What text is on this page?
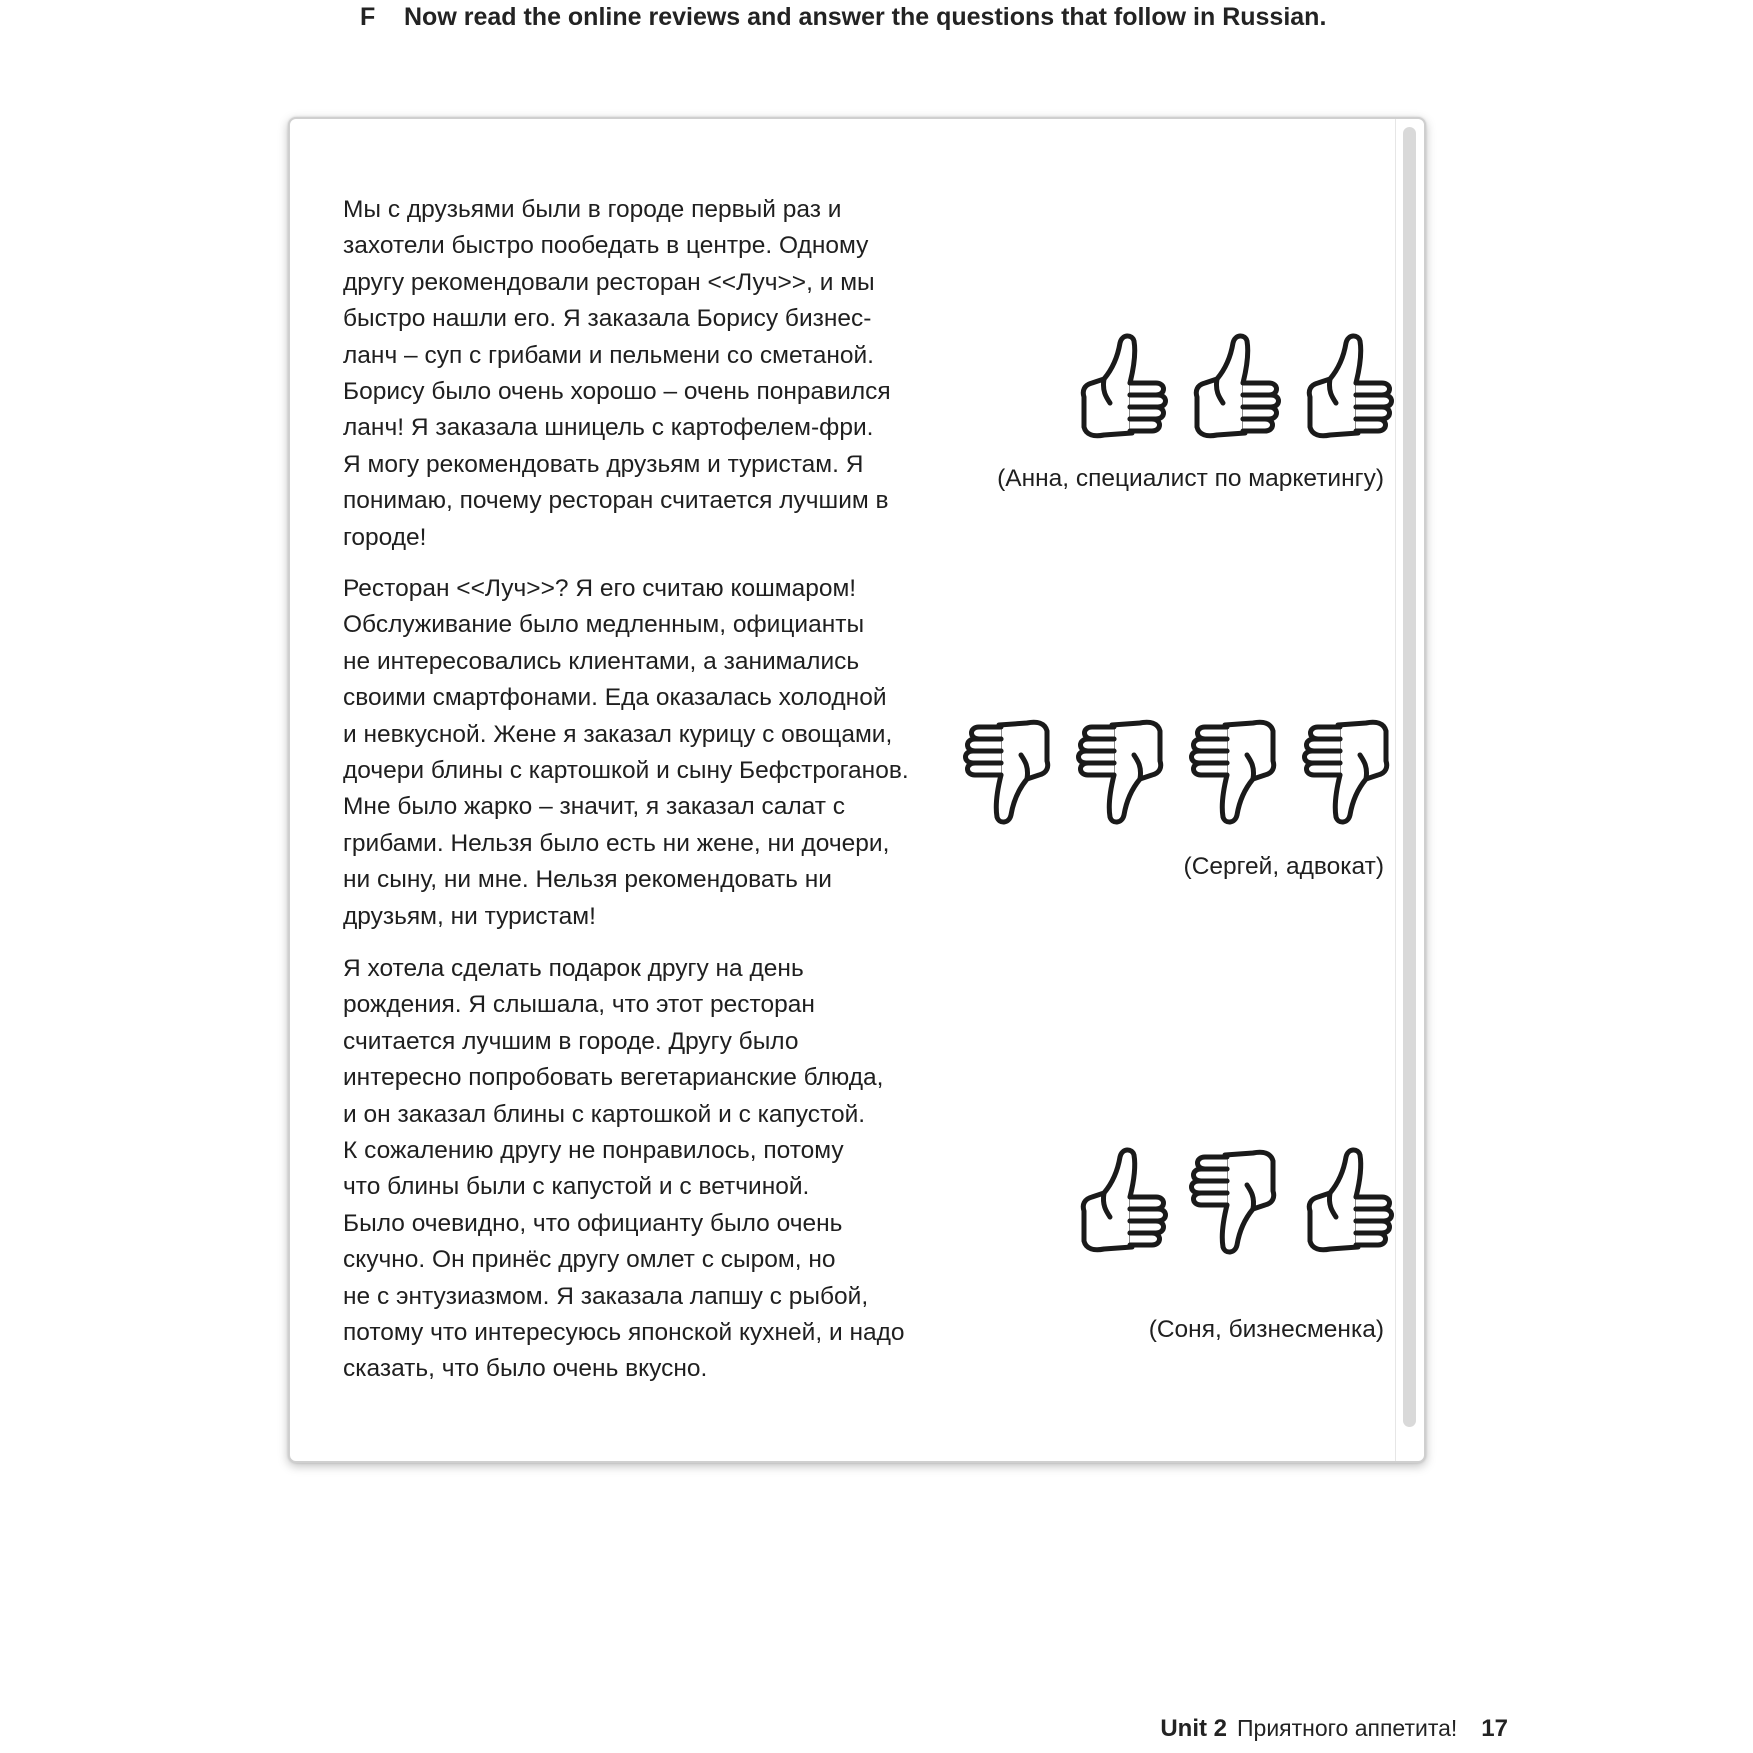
F	Now read the online reviews and answer the questions that follow in Russian.

Мы с друзьями были в городе первый раз и
захотели быстро пообедать в центре. Одному
другу рекомендовали ресторан <<Луч>>, и мы
быстро нашли его. Я заказала Борису бизнес-
ланч – суп с грибами и пельмени со сметаной.
Борису было очень хорошо – очень понравился
ланч! Я заказала шницель с картофелем-фри.
Я могу рекомендовать друзьям и туристам. Я
понимаю, почему ресторан считается лучшим в
городе!

(Анна, специалист по маркетингу)

Ресторан <<Луч>>? Я его считаю кошмаром!
Обслуживание было медленным, официанты
не интересовались клиентами, а занимались
своими смартфонами. Еда оказалась холодной
и невкусной. Жене я заказал курицу с овощами,
дочери блины с картошкой и сыну Бефстроганов.
Мне было жарко – значит, я заказал салат с
грибами. Нельзя было есть ни жене, ни дочери,
ни сыну, ни мне. Нельзя рекомендовать ни
друзьям, ни туристам!

(Сергей, адвокат)

Я хотела сделать подарок другу на день
рождения. Я слышала, что этот ресторан
считается лучшим в городе. Другу было
интересно попробовать вегетарианские блюда,
и он заказал блины с картошкой и с капустой.
К сожалению другу не понравилось, потому
что блины были с капустой и с ветчиной.
Было очевидно, что официанту было очень
скучно. Он принёс другу омлет с сыром, но
не с энтузиазмом. Я заказала лапшу с рыбой,
потому что интересуюсь японской кухней, и надо
сказать, что было очень вкусно.

(Соня, бизнесменка)
Unit 2 Приятного аппетита! 17
